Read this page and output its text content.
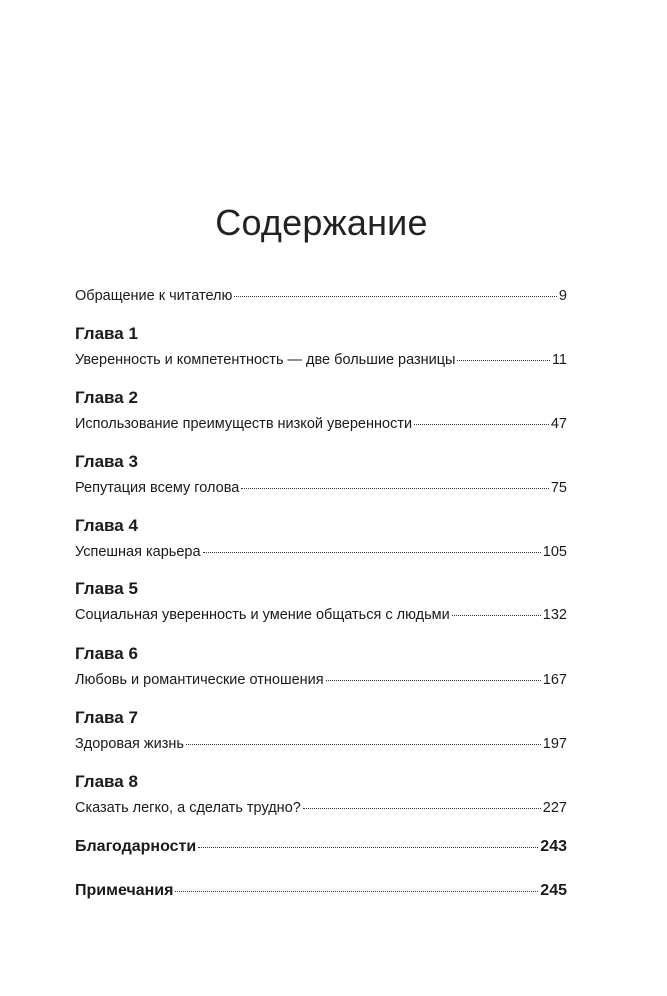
Содержание
Обращение к читателю	9
Глава 1
Уверенность и компетентность — две большие разницы	11
Глава 2
Использование преимуществ низкой уверенности	47
Глава 3
Репутация всему голова	75
Глава 4
Успешная карьера	105
Глава 5
Социальная уверенность и умение общаться с людьми	132
Глава 6
Любовь и романтические отношения	167
Глава 7
Здоровая жизнь	197
Глава 8
Сказать легко, а сделать трудно?	227
Благодарности	243
Примечания	245
